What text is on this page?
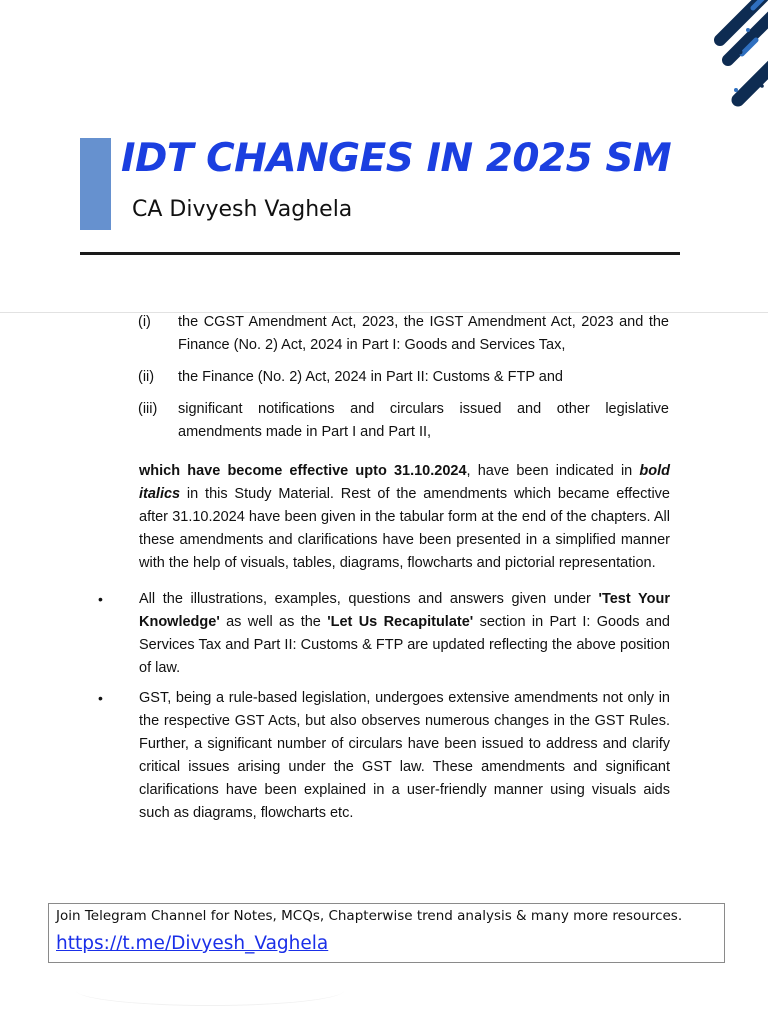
IDT CHANGES IN 2025 SM
CA Divyesh Vaghela
(i) the CGST Amendment Act, 2023, the IGST Amendment Act, 2023 and the Finance (No. 2) Act, 2024 in Part I: Goods and Services Tax,
(ii) the Finance (No. 2) Act, 2024 in Part II: Customs & FTP and
(iii) significant notifications and circulars issued and other legislative amendments made in Part I and Part II,
which have become effective upto 31.10.2024, have been indicated in bold italics in this Study Material. Rest of the amendments which became effective after 31.10.2024 have been given in the tabular form at the end of the chapters. All these amendments and clarifications have been presented in a simplified manner with the help of visuals, tables, diagrams, flowcharts and pictorial representation.
• All the illustrations, examples, questions and answers given under 'Test Your Knowledge' as well as the 'Let Us Recapitulate' section in Part I: Goods and Services Tax and Part II: Customs & FTP are updated reflecting the above position of law.
• GST, being a rule-based legislation, undergoes extensive amendments not only in the respective GST Acts, but also observes numerous changes in the GST Rules. Further, a significant number of circulars have been issued to address and clarify critical issues arising under the GST law. These amendments and significant clarifications have been explained in a user-friendly manner using visuals aids such as diagrams, flowcharts etc.
Join Telegram Channel for Notes, MCQs, Chapterwise trend analysis & many more resources.
https://t.me/Divyesh_Vaghela
